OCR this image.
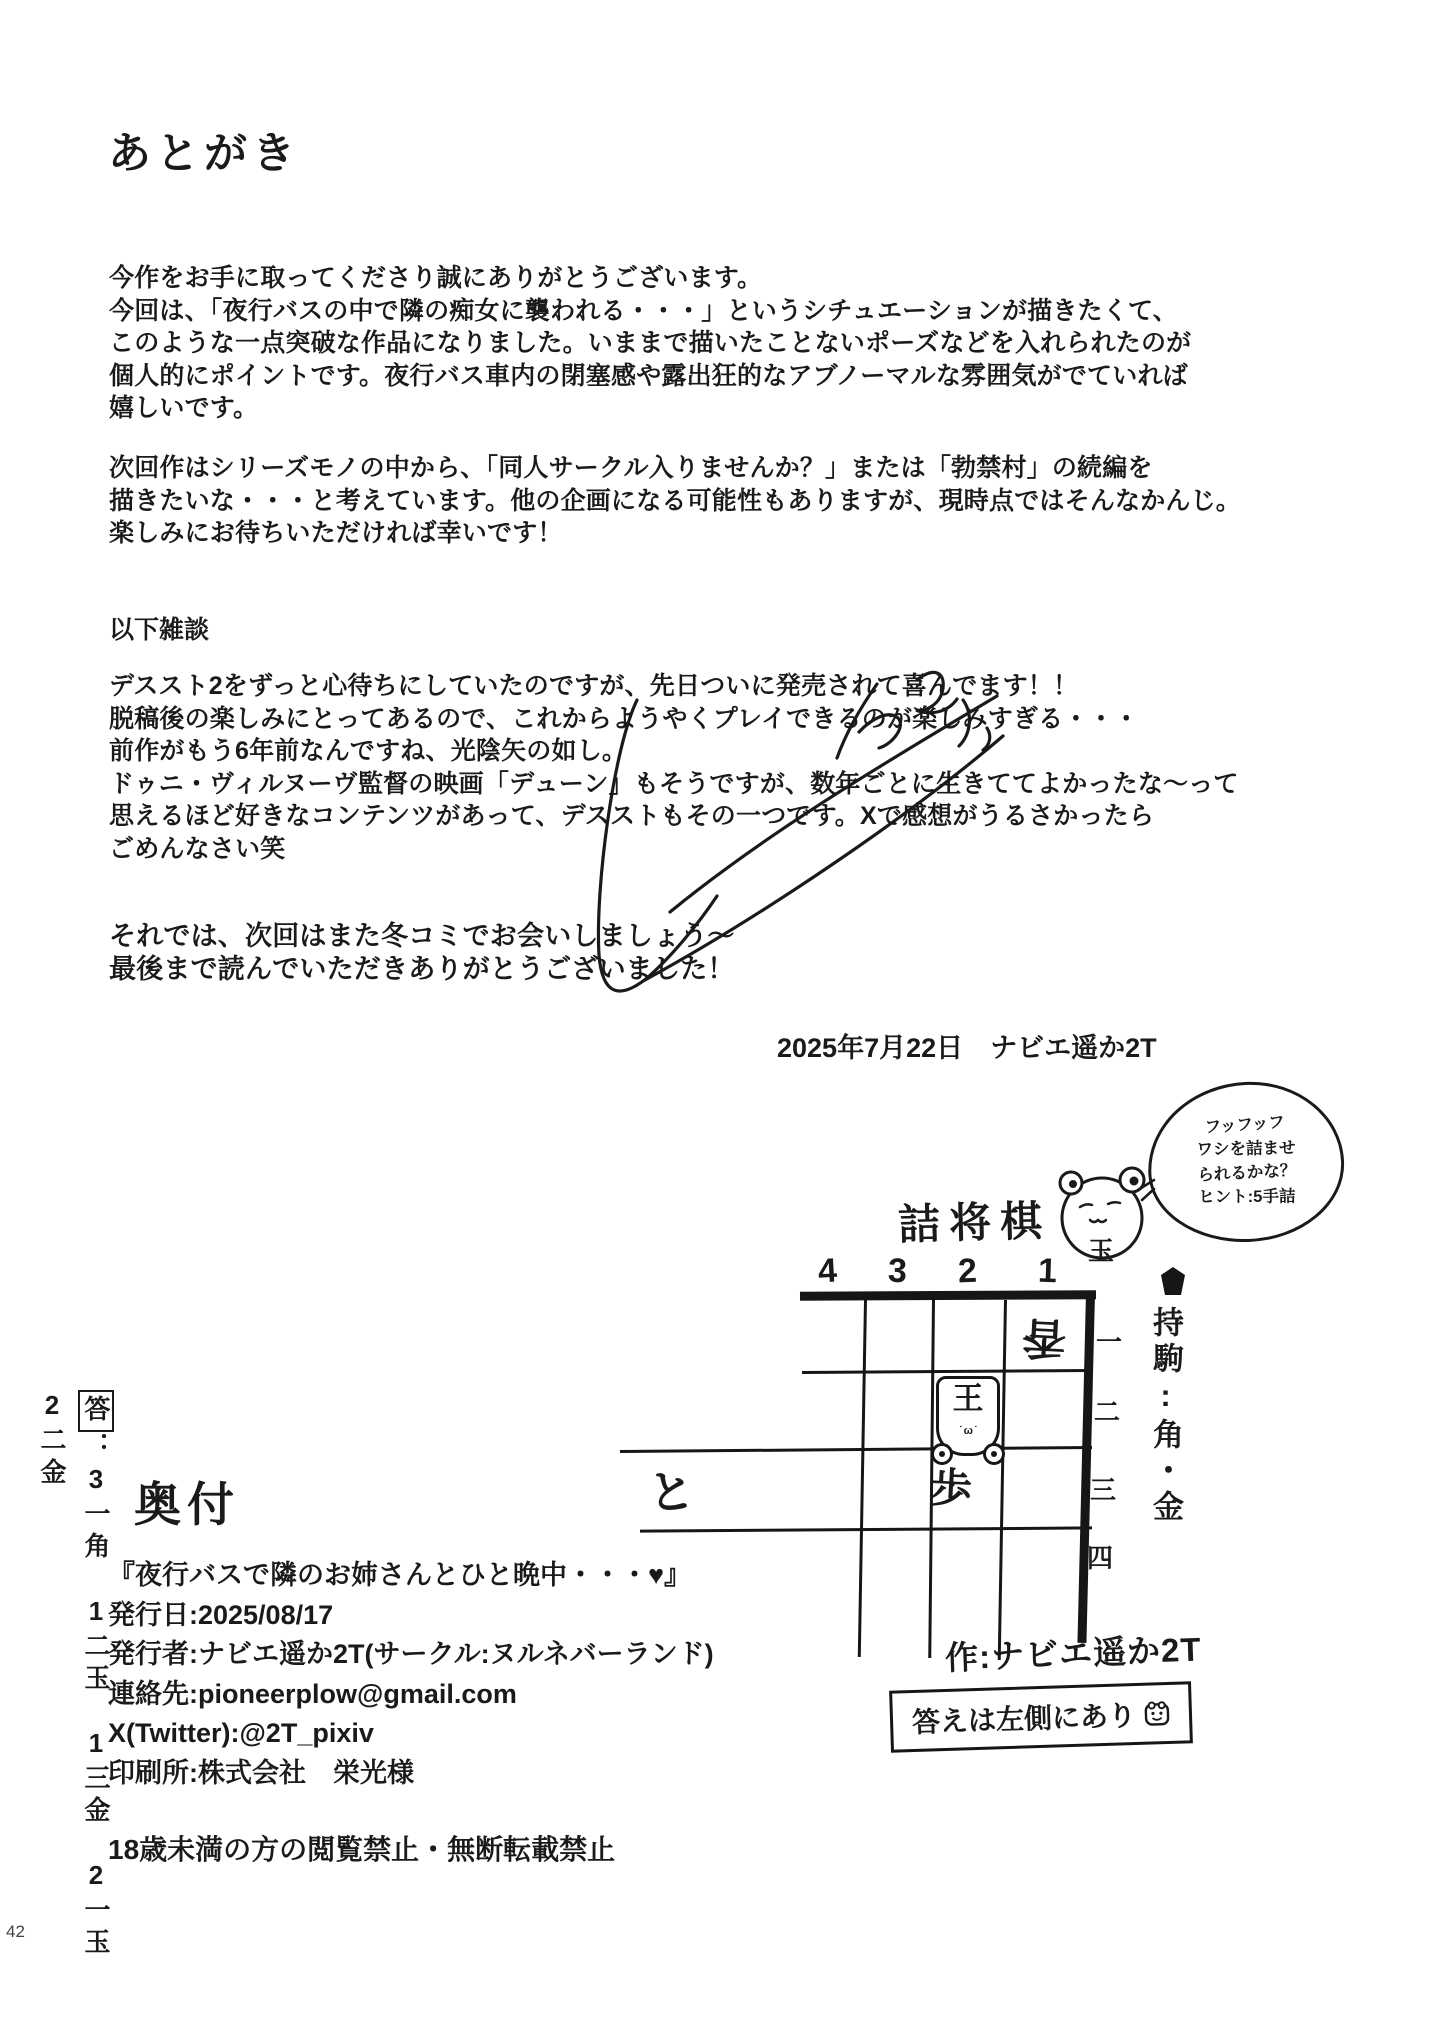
あとがき
今作をお手に取ってくださり誠にありがとうございます。
今回は、「夜行バスの中で隣の痴女に襲われる・・・」というシチュエーションが描きたくて、
このような一点突破な作品になりました。いままで描いたことないポーズなどを入れられたのが
個人的にポイントです。夜行バス車内の閉塞感や露出狂的なアブノーマルな雰囲気がでていれば
嬉しいです。
次回作はシリーズモノの中から、「同人サークル入りませんか？」または「勃禁村」の続編を
描きたいな・・・と考えています。他の企画になる可能性もありますが、現時点ではそんなかんじ。
楽しみにお待ちいただければ幸いです！
以下雑談
デススト2をずっと心待ちにしていたのですが、先日ついに発売されて喜んでます！！
脱稿後の楽しみにとってあるので、これからようやくプレイできるのが楽しみすぎる・・・
前作がもう6年前なんですね、光陰矢の如し。
ドゥニ・ヴィルヌーヴ監督の映画「デューン」もそうですが、数年ごとに生きててよかったな〜って
思えるほど好きなコンテンツがあって、デスストもその一つです。Xで感想がうるさかったら
ごめんなさい笑
それでは、次回はまた冬コミでお会いしましょう〜
最後まで読んでいただきありがとうございました！
2025年7月22日　ナビエ遥か2T
詰将棋
玉
フッフッフ
ワシを詰ませ
られるかな？
ヒント:5手詰
4 3 2 1
一
二
三
四
香
王
˙ω˙
歩
と	持駒:角・金
作:ナビエ遥か2T
答えは左側にあり
奥付
『夜行バスで隣のお姉さんとひと晩中・・・♥』
発行日:2025/08/17
発行者:ナビエ遥か2T(サークル:ヌルネバーランド)
連絡先:pioneerplow@gmail.com
X(Twitter):@2T_pixiv
印刷所:株式会社　栄光様
18歳未満の方の閲覧禁止・無断転載禁止
答：3一角　1二玉　1三金　2一玉　2二金
42
